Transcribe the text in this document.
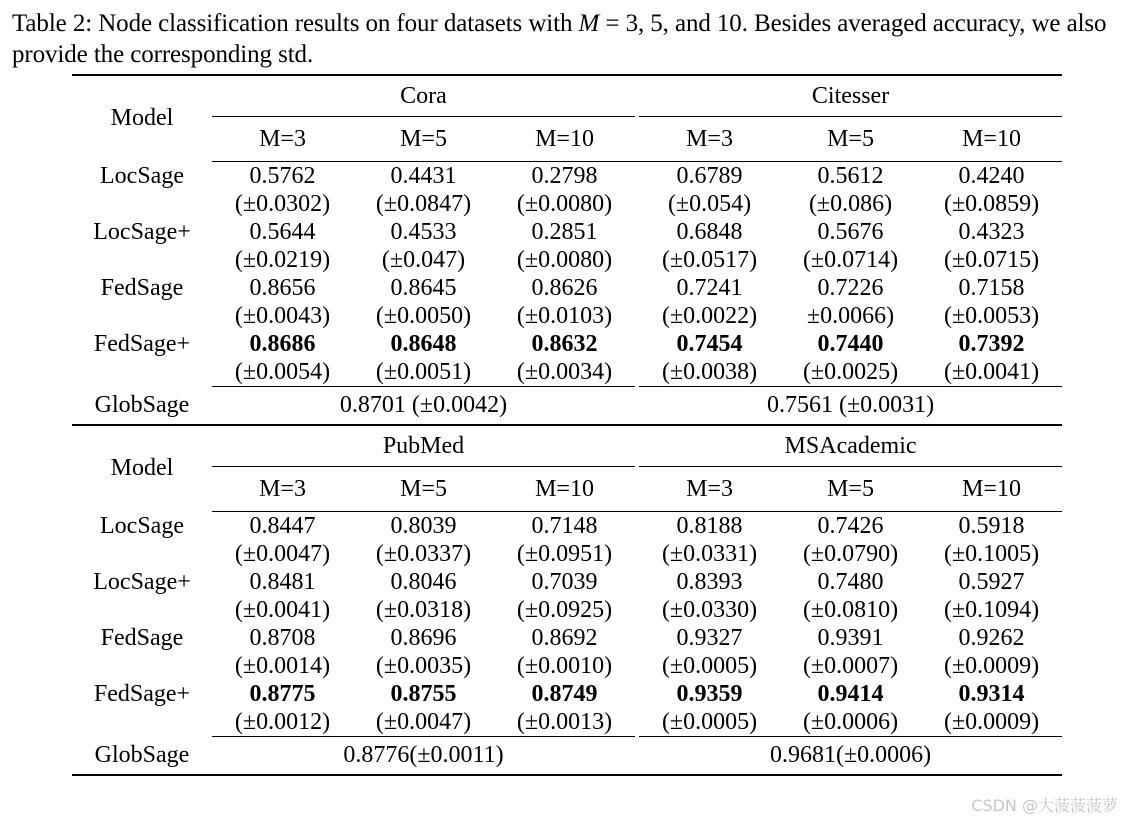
Table 2: Node classification results on four datasets with M = 3, 5, and 10. Besides averaged accuracy, we also provide the corresponding std.
Model	Cora				Citesser		
	M=3	M=5	M=10		M=3	M=5	M=10
LocSage	0.5762	0.4431	0.2798		0.6789	0.5612	0.4240
	(±0.0302)	(±0.0847)	(±0.0080)		(±0.054)	(±0.086)	(±0.0859)
LocSage+	0.5644	0.4533	0.2851		0.6848	0.5676	0.4323
	(±0.0219)	(±0.047)	(±0.0080)		(±0.0517)	(±0.0714)	(±0.0715)
FedSage	0.8656	0.8645	0.8626		0.7241	0.7226	0.7158
	(±0.0043)	(±0.0050)	(±0.0103)		(±0.0022)	±0.0066)	(±0.0053)
FedSage+	0.8686	0.8648	0.8632		0.7454	0.7440	0.7392
	(±0.0054)	(±0.0051)	(±0.0034)		(±0.0038)	(±0.0025)	(±0.0041)
GlobSage	0.8701 (±0.0042)				0.7561 (±0.0031)		
Model	PubMed				MSAcademic		
	M=3	M=5	M=10		M=3	M=5	M=10
LocSage	0.8447	0.8039	0.7148		0.8188	0.7426	0.5918
	(±0.0047)	(±0.0337)	(±0.0951)		(±0.0331)	(±0.0790)	(±0.1005)
LocSage+	0.8481	0.8046	0.7039		0.8393	0.7480	0.5927
	(±0.0041)	(±0.0318)	(±0.0925)		(±0.0330)	(±0.0810)	(±0.1094)
FedSage	0.8708	0.8696	0.8692		0.9327	0.9391	0.9262
	(±0.0014)	(±0.0035)	(±0.0010)		(±0.0005)	(±0.0007)	(±0.0009)
FedSage+	0.8775	0.8755	0.8749		0.9359	0.9414	0.9314
	(±0.0012)	(±0.0047)	(±0.0013)		(±0.0005)	(±0.0006)	(±0.0009)
GlobSage	0.8776(±0.0011)				0.9681(±0.0006)		
CSDN @大菠菠菠萝
